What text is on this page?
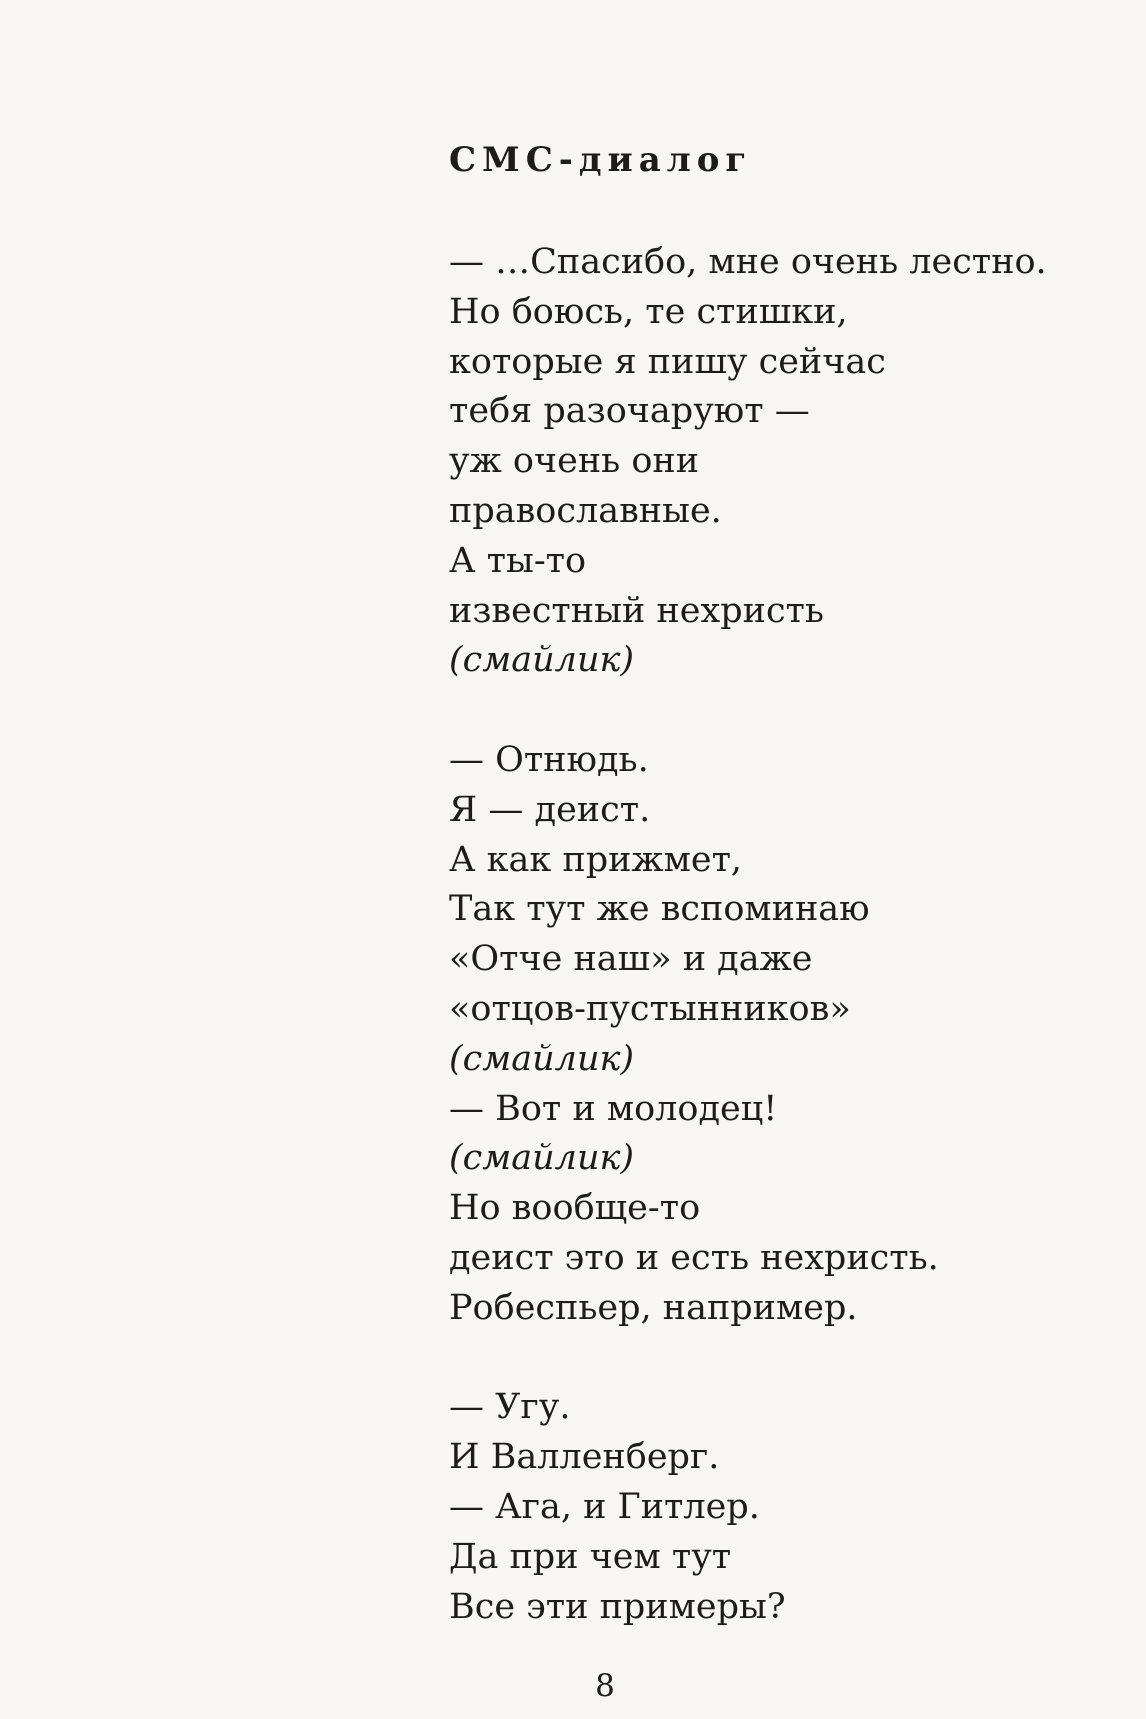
СМС-диалог
— …Спасибо, мне очень лестно.
Но боюсь, те стишки,
которые я пишу сейчас
тебя разочаруют —
уж очень они
православные.
А ты-то
известный нехристь
(смайлик)
— Отнюдь.
Я — деист.
А как прижмет,
Так тут же вспоминаю
«Отче наш» и даже
«отцов-пустынников»
(смайлик)
— Вот и молодец!
(смайлик)
Но вообще-то
деист это и есть нехристь.
Робеспьер, например.
— Угу.
И Валленберг.
— Ага, и Гитлер.
Да при чем тут
Все эти примеры?
8
